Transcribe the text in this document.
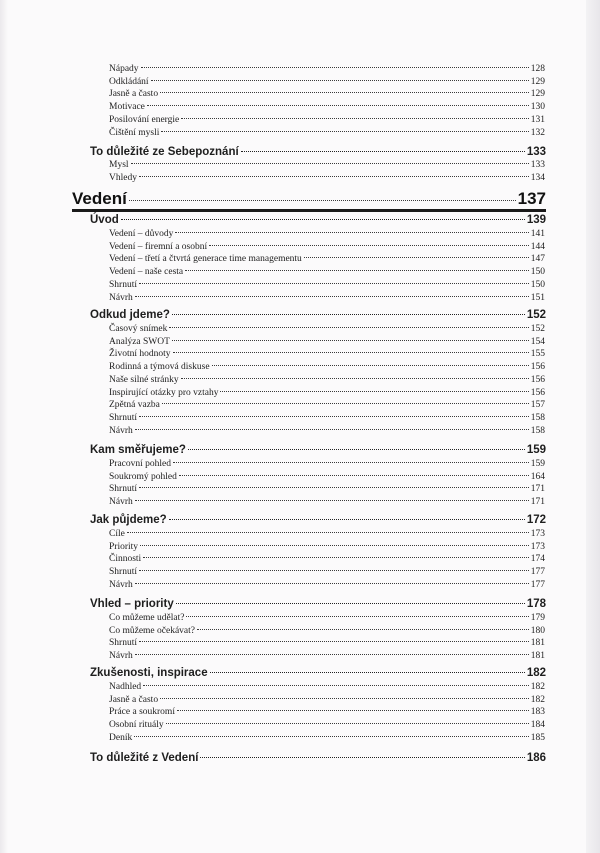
Nápady	128
Odkládání	129
Jasně a často	129
Motivace	130
Posilování energie	131
Čištění mysli	132
To důležité ze Sebepoznání	133
Mysl	133
Vhledy	134
Vedení	137
Úvod	139
Vedení – důvody	141
Vedení – firemní a osobní	144
Vedení – třetí a čtvrtá generace time managementu	147
Vedení – naše cesta	150
Shrnutí	150
Návrh	151
Odkud jdeme?	152
Časový snímek	152
Analýza SWOT	154
Životní hodnoty	155
Rodinná a týmová diskuse	156
Naše silné stránky	156
Inspirující otázky pro vztahy	156
Zpětná vazba	157
Shrnutí	158
Návrh	158
Kam směřujeme?	159
Pracovní pohled	159
Soukromý pohled	164
Shrnutí	171
Návrh	171
Jak půjdeme?	172
Cíle	173
Priority	173
Činnosti	174
Shrnutí	177
Návrh	177
Vhled – priority	178
Co můžeme udělat?	179
Co můžeme očekávat?	180
Shrnutí	181
Návrh	181
Zkušenosti, inspirace	182
Nadhled	182
Jasně a často	182
Práce a soukromí	183
Osobní rituály	184
Deník	185
To důležité z Vedení	186
